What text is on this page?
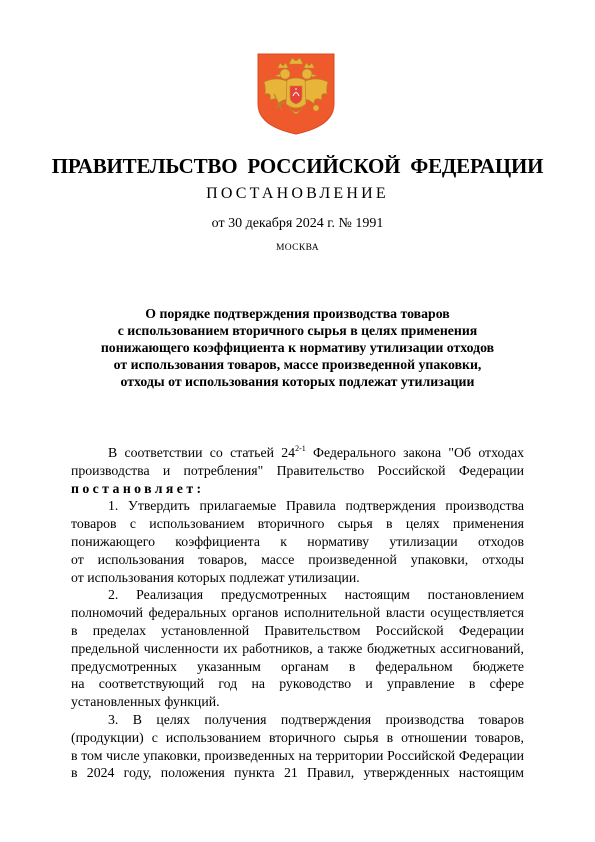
ПРАВИТЕЛЬСТВО РОССИЙСКОЙ ФЕДЕРАЦИИ
ПОСТАНОВЛЕНИЕ
от 30 декабря 2024 г. № 1991
МОСКВА
О порядке подтверждения производства товаров
с использованием вторичного сырья в целях применения
понижающего коэффициента к нормативу утилизации отходов
от использования товаров, массе произведенной упаковки,
отходы от использования которых подлежат утилизации

В соответствии со статьей 24$^{2-1}$ Федерального закона "Об отходах
производства и потребления" Правительство Российской Федерации
постановляет:

1. Утвердить прилагаемые Правила подтверждения производства
товаров с использованием вторичного сырья в целях применения
понижающего коэффициента к нормативу утилизации отходов
от использования товаров, массе произведенной упаковки, отходы
от использования которых подлежат утилизации.

2. Реализация предусмотренных настоящим постановлением
полномочий федеральных органов исполнительной власти осуществляется
в пределах установленной Правительством Российской Федерации
предельной численности их работников, а также бюджетных ассигнований,
предусмотренных указанным органам в федеральном бюджете
на соответствующий год на руководство и управление в сфере
установленных функций.

3. В целях получения подтверждения производства товаров
(продукции) с использованием вторичного сырья в отношении товаров,
в том числе упаковки, произведенных на территории Российской Федерации
в 2024 году, положения пункта 21 Правил, утвержденных настоящим
